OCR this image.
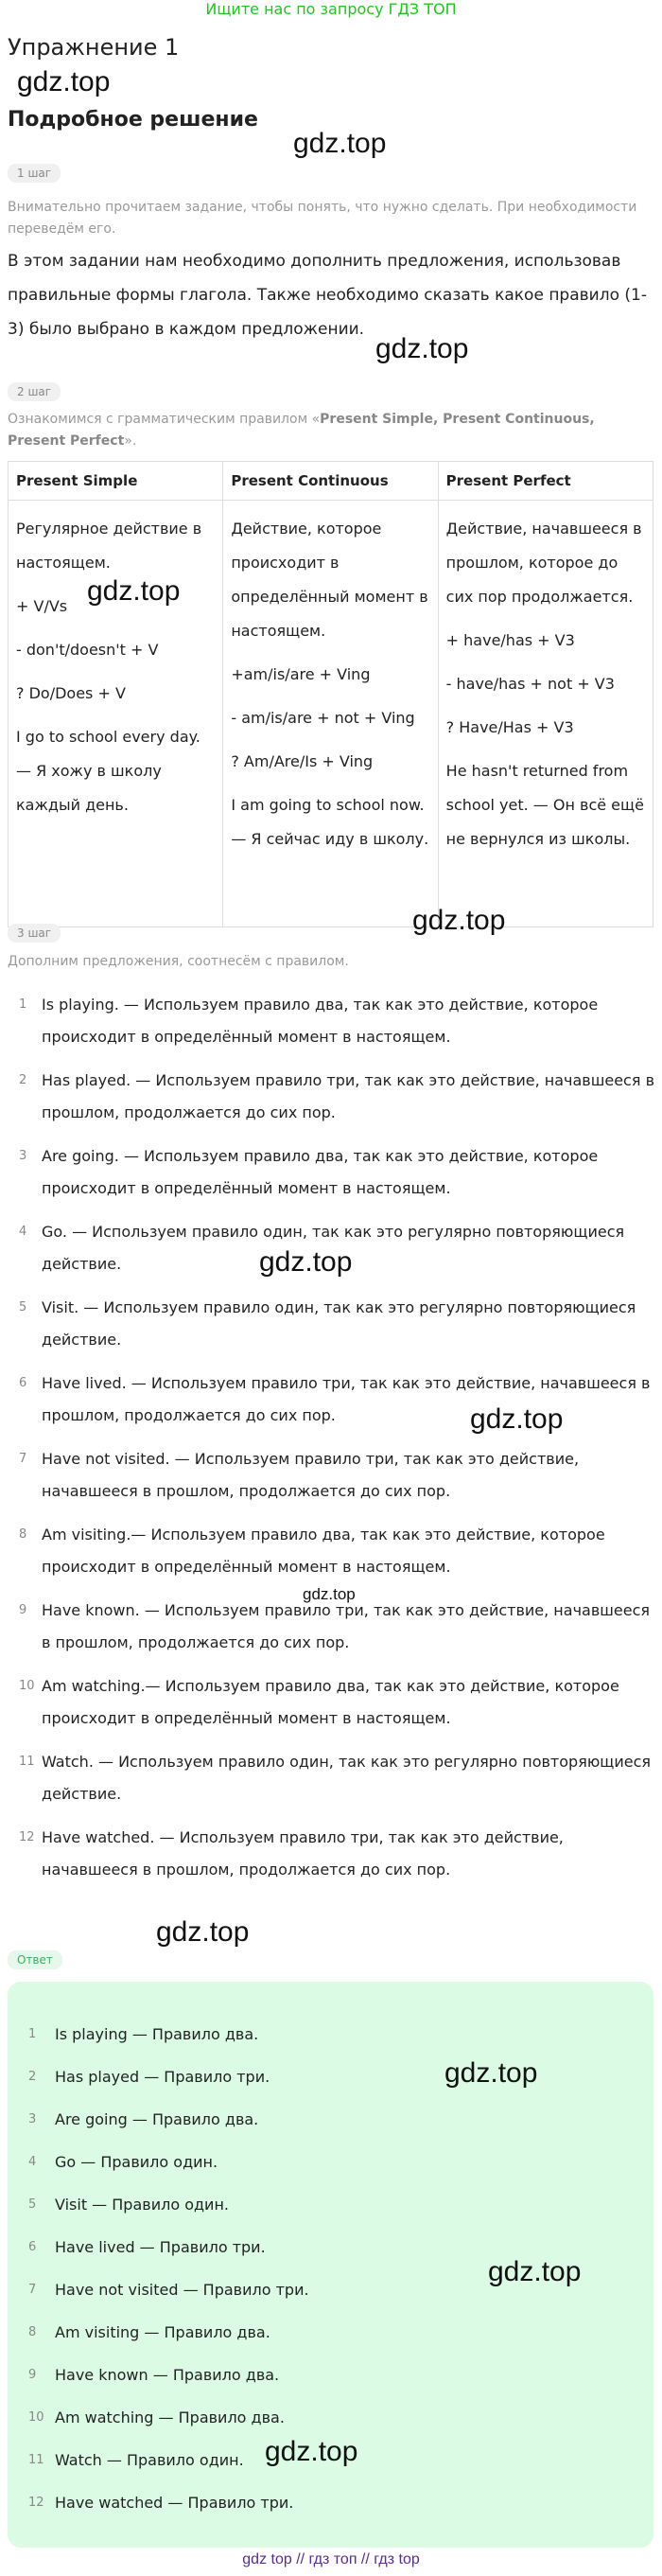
Ищите нас по запросу ГДЗ ТОП
Упражнение 1
gdz.top
gdz.top
Подробное решение
1 шаг
Внимательно прочитаем задание, чтобы понять, что нужно сделать. При необходимости переведём его.
В этом задании нам необходимо дополнить предложения, использовав правильные формы глагола. Также необходимо сказать какое правило (1-3) было выбрано в каждом предложении.
gdz.top
2 шаг
Ознакомимся с грамматическим правилом «Present Simple, Present Continuous, Present Perfect».
Present Simple	Present Continuous	Present Perfect

Регулярное действие в настоящем.
+ V/Vs
- don't/doesn't + V
? Do/Does + V
I go to school every day. — Я хожу в школу каждый день.	Действие, которое происходит в определённый момент в настоящем.
+am/is/are + Ving
- am/is/are + not + Ving
? Am/Are/Is + Ving
I am going to school now. — Я сейчас иду в школу.	Действие, начавшееся в прошлом, которое до сих пор продолжается.
+ have/has + V3
- have/has + not + V3
? Have/Has + V3
He hasn't returned from school yet. — Он всё ещё не вернулся из школы.
gdz.top
gdz.top
3 шаг
Дополним предложения, соотнесём с правилом.
1 Is playing. — Используем правило два, так как это действие, которое происходит в определённый момент в настоящем.
2 Has played. — Используем правило три, так как это действие, начавшееся в прошлом, продолжается до сих пор.
3 Are going. — Используем правило два, так как это действие, которое происходит в определённый момент в настоящем.
4 Go. — Используем правило один, так как это регулярно повторяющиеся действие.
5 Visit. — Используем правило один, так как это регулярно повторяющиеся действие.
6 Have lived. — Используем правило три, так как это действие, начавшееся в прошлом, продолжается до сих пор.
7 Have not visited. — Используем правило три, так как это действие, начавшееся в прошлом, продолжается до сих пор.
8 Am visiting.— Используем правило два, так как это действие, которое происходит в определённый момент в настоящем.
9 Have known. — Используем правило три, так как это действие, начавшееся в прошлом, продолжается до сих пор.
10 Am watching.— Используем правило два, так как это действие, которое происходит в определённый момент в настоящем.
11 Watch. — Используем правило один, так как это регулярно повторяющиеся действие.
12 Have watched. — Используем правило три, так как это действие, начавшееся в прошлом, продолжается до сих пор.
gdz.top
gdz.top
gdz.top
gdz.top
Ответ
1 Is playing — Правило два.
2 Has played — Правило три.
3 Are going — Правило два.
4 Go — Правило один.
5 Visit — Правило один.
6 Have lived — Правило три.
7 Have not visited — Правило три.
8 Am visiting — Правило два.
9 Have known — Правило два.
10 Am watching — Правило два.
11 Watch — Правило один.
12 Have watched — Правило три.
gdz.top
gdz.top
gdz.top
gdz top // гдз топ // гдз top
